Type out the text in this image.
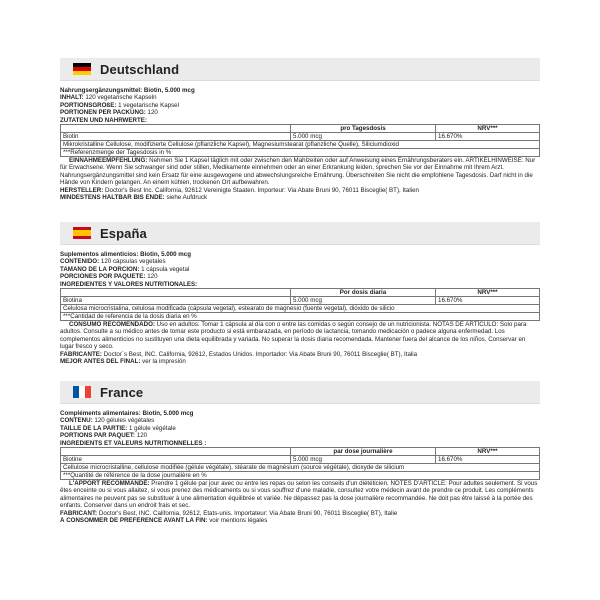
Deutschland
Nahrungsergänzungsmittel: Biotin, 5.000 mcg
INHALT: 120 vegetarische Kapseln
PORTIONSGRÖßE: 1 vegetarische Kapsel
PORTIONEN PER PACKUNG: 120
ZUTATEN UND NÄHRWERTE:
	pro Tagesdosis	NRV***
Biotin	5.000 mcg	16.670%
Mikrokristalline Cellulose, modifizierte Cellulose (pflanzliche Kapsel), Magnesiumstearat (pflanzliche Quelle), Siliciumdioxid		
***Referenzmenge der Tagesdosis in %		
EINNAHMEEMPFEHLUNG: Nehmen Sie 1 Kapsel täglich mit oder zwischen den Mahlzeiten oder auf Anweisung eines Ernährungsberaters ein. ARTIKELHINWEISE: Nur für Erwachsene. Wenn Sie schwanger sind oder stillen, Medikamente einnehmen oder an einer Erkrankung leiden, sprechen Sie vor der Einnahme mit Ihrem Arzt. Nahrungsergänzungsmittel sind kein Ersatz für eine ausgewogene und abwechslungsreiche Ernährung. Überschreiten Sie nicht die empfohlene Tagesdosis. Darf nicht in die Hände von Kindern gelangen. An einem kühlen, trockenen Ort aufbewahren.
HERSTELLER: Doctor's Best Inc. California, 92612 Vereinigte Staaten. Importeur: Via Abate Bruni 90, 76011 Bisceglie( BT), Italien
MINDESTENS HALTBAR BIS ENDE: siehe Aufdruck
España
Suplementos alimenticios: Biotin, 5.000 mcg
CONTENIDO: 120 cápsulas vegetales
TAMAÑO DE LA PORCIÓN: 1 cápsula vegetal
PORCIONES POR PAQUETE: 120
INGREDIENTES Y VALORES NUTRITIONALES:
	Por dosis diaria	NRV***
Biotina	5.000 mcg	16.670%
Celulosa microcristalina, celulosa modificada (cápsula vegetal), estearato de magnesio (fuente vegetal), dióxido de silicio		
***Cantidad de referencia de la dosis diaria en %		
CONSUMO RECOMENDADO: Uso en adultos: Tomar 1 cápsula al día con o entre las comidas o según consejo de un nutricionista. NOTAS DE ARTÍCULO: Solo para adultos. Consulte a su médico antes de tomar este producto si está embarazada, en período de lactancia, tomando medicación o padece alguna enfermedad. Los complementos alimenticios no sustituyen una dieta equilibrada y variada. No superar la dosis diaria recomendada. Mantener fuera del alcance de los niños. Conservar en lugar fresco y seco.
FABRICANTE: Doctor´s Best, INC. California, 92612, Estados Unidos. Importador: Via Abate Bruni 90, 76011 Bisceglie( BT), Italia
MEJOR ANTES DEL FINAL: ver la impresión
France
Compléments alimentaires: Biotin, 5.000 mcg
CONTENU: 120 gélules végétales
TAILLE DE LA PARTIE: 1 gélule végétale
PORTIONS PAR PAQUET: 120
INGRÉDIENTS ET VALEURS NUTRITIONNELLES :
	par dose journalière	NRV***
Biotine	5.000 mcg	16.670%
Cellulose microcristalline, cellulose modifiée (gélule végétale), stéarate de magnésium (source végétale), dioxyde de silicium		
***Quantité de référence de la dose journalière en %		
L'APPORT RECOMMANDÉ: Prendre 1 gélule par jour avec ou entre les repas ou selon les conseils d'un diététicien. NOTES D'ARTICLE: Pour adultes seulement. Si vous êtes enceinte ou si vous allaitez, si vous prenez des médicaments ou si vous souffrez d'une maladie, consultez votre médecin avant de prendre ce produit. Les compléments alimentaires ne peuvent pas se substituer à une alimentation équilibrée et variée. Ne dépassez pas la dose journalière recommandée. Ne doit pas être laissé à la portée des enfants. Conserver dans un endroit frais et sec.
FABRICANT: Doctor's Best, INC. California, 92612, États-unis. Importateur: Via Abate Bruni 90, 76011 Bisceglie( BT), Italie
À CONSOMMER DE PRÉFÉRENCE AVANT LA FIN: voir mentions légales
